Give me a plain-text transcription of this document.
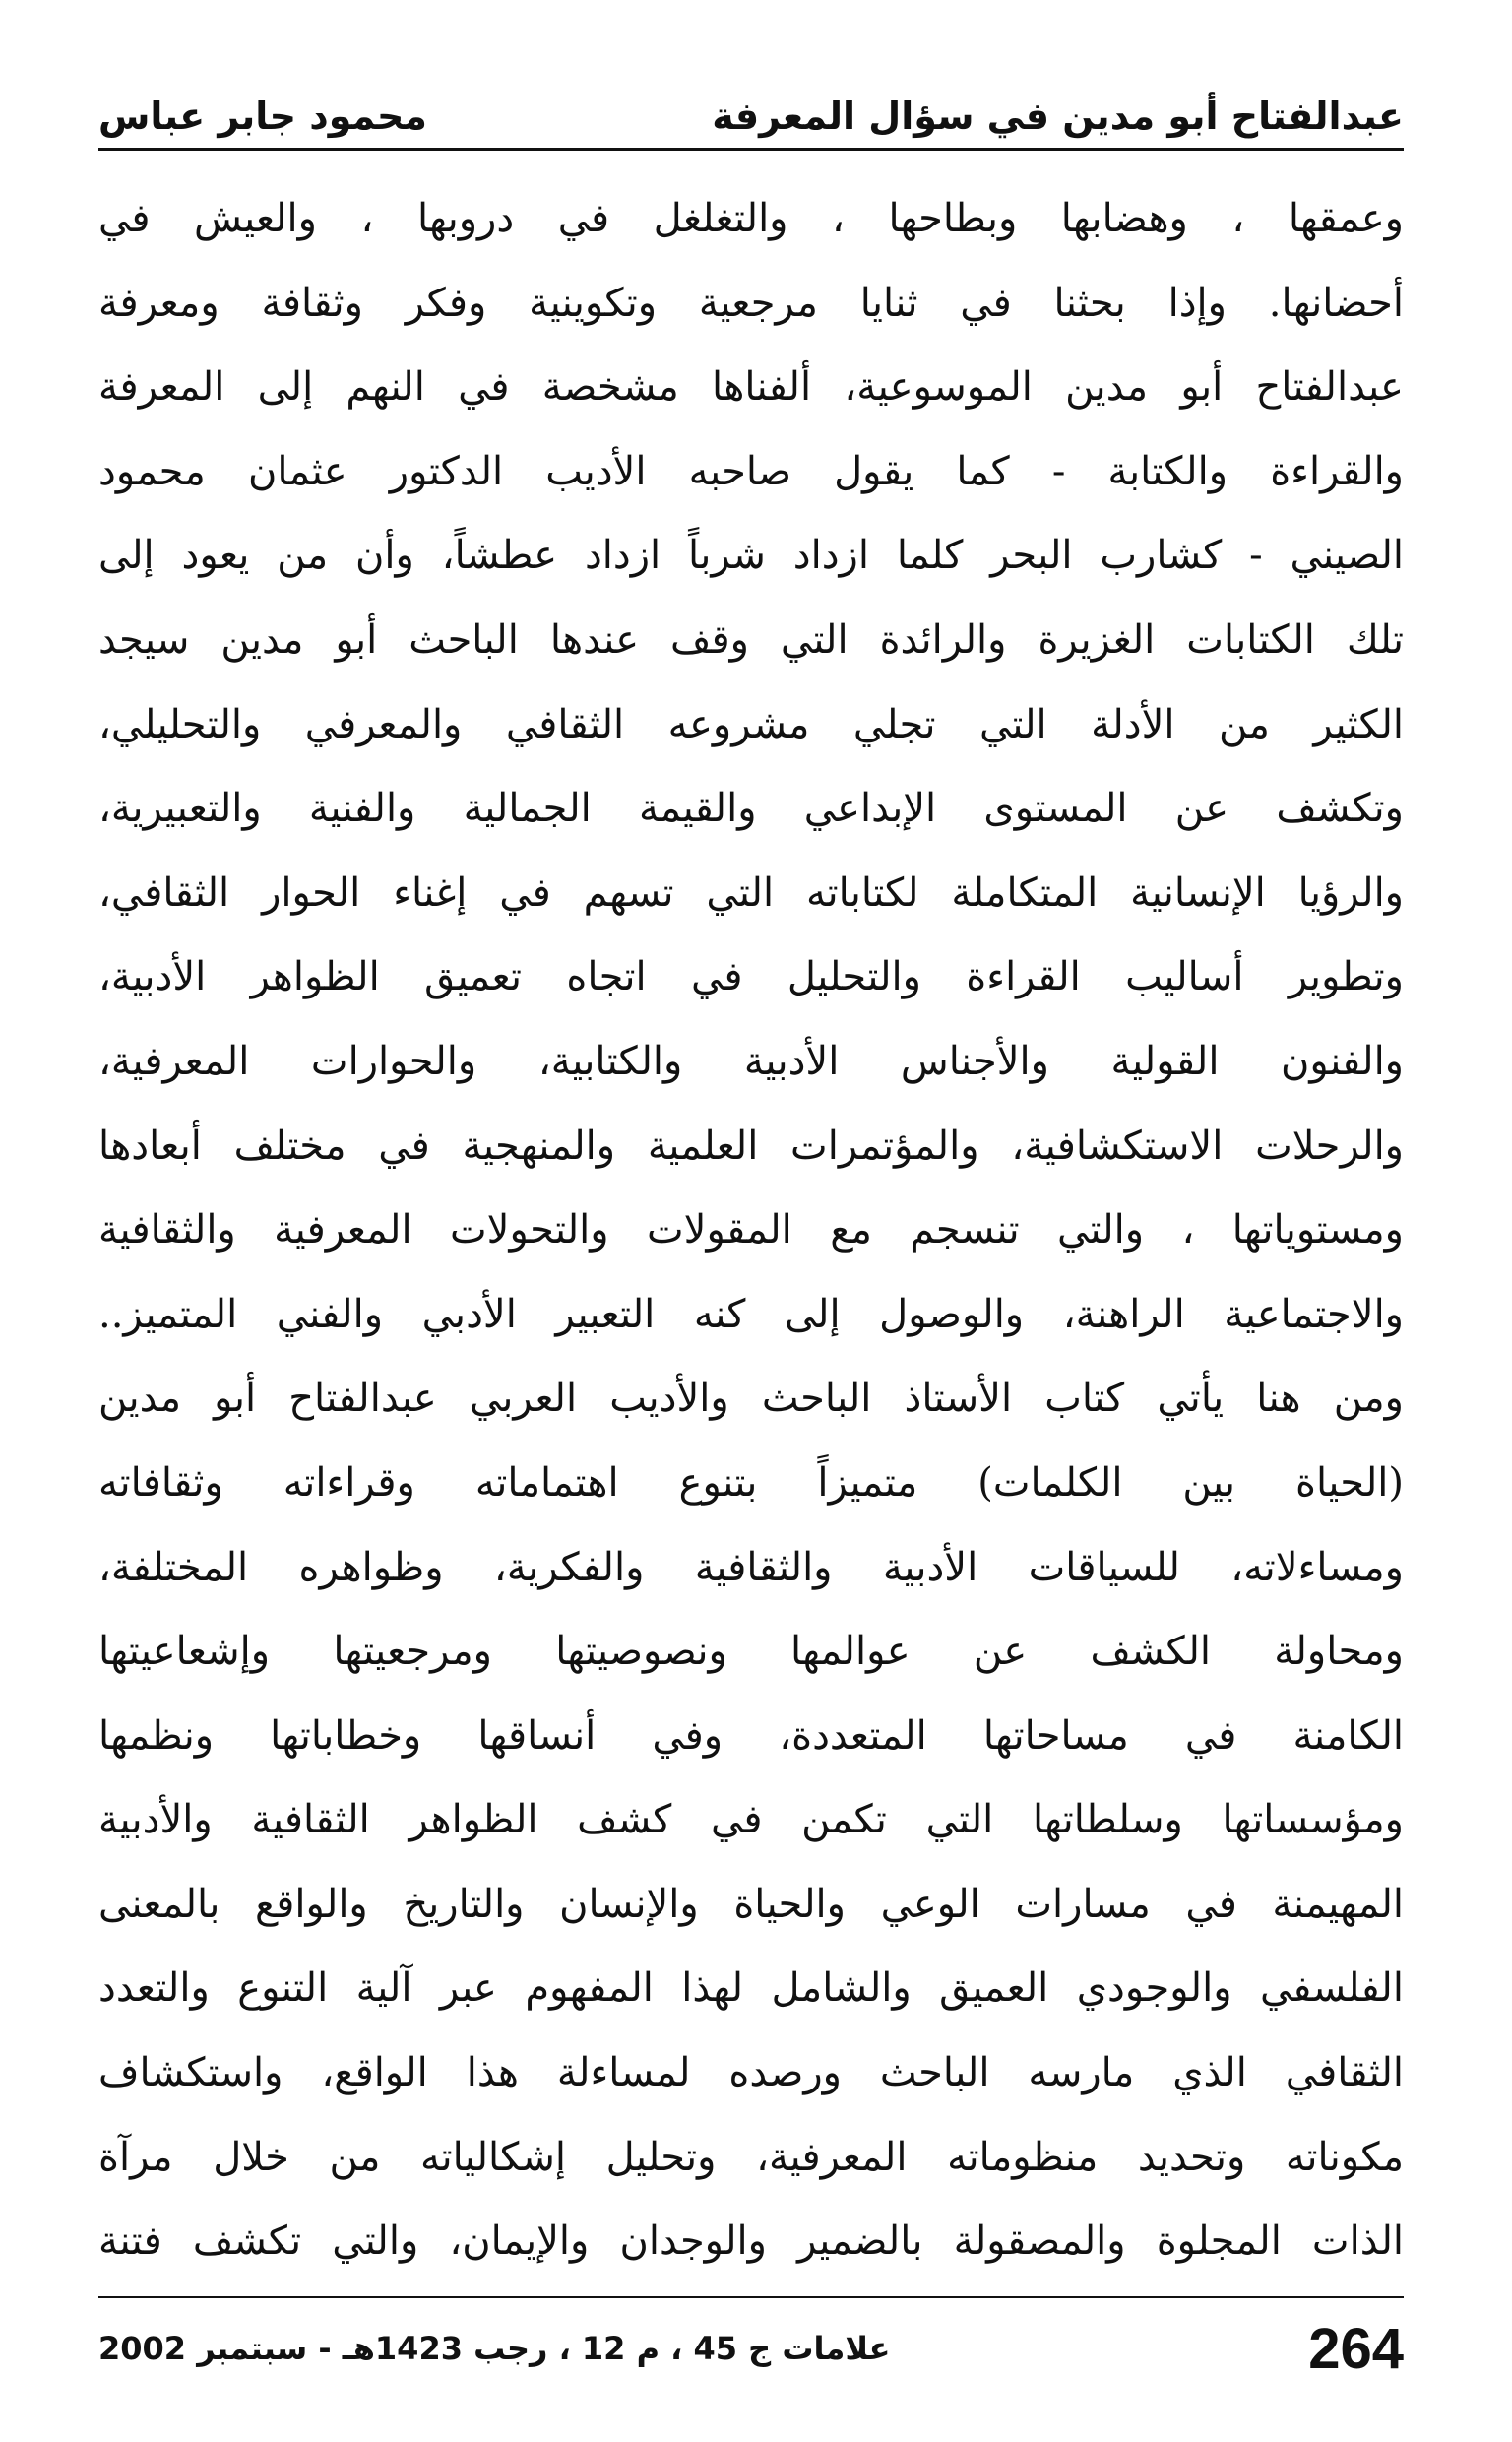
عبدالفتاح أبو مدين في سؤال المعرفة
محمود جابر عباس
وعمقها ، وهضابها وبطاحها ، والتغلغل في دروبها ، والعيش في
أحضانها. وإذا بحثنا في ثنايا مرجعية وتكوينية وفكر وثقافة ومعرفة
عبدالفتاح أبو مدين الموسوعية، ألفناها مشخصة في النهم إلى المعرفة
والقراءة والكتابة - كما يقول صاحبه الأديب الدكتور عثمان محمود
الصيني - كشارب البحر كلما ازداد شرباً ازداد عطشاً، وأن من يعود إلى
تلك الكتابات الغزيرة والرائدة التي وقف عندها الباحث أبو مدين سيجد
الكثير من الأدلة التي تجلي مشروعه الثقافي والمعرفي والتحليلي،
وتكشف عن المستوى الإبداعي والقيمة الجمالية والفنية والتعبيرية،
والرؤيا الإنسانية المتكاملة لكتاباته التي تسهم في إغناء الحوار الثقافي،
وتطوير أساليب القراءة والتحليل في اتجاه تعميق الظواهر الأدبية،
والفنون القولية والأجناس الأدبية والكتابية، والحوارات المعرفية،
والرحلات الاستكشافية، والمؤتمرات العلمية والمنهجية في مختلف أبعادها
ومستوياتها ، والتي تنسجم مع المقولات والتحولات المعرفية والثقافية
والاجتماعية الراهنة، والوصول إلى كنه التعبير الأدبي والفني المتميز..
ومن هنا يأتي كتاب الأستاذ الباحث والأديب العربي عبدالفتاح أبو مدين
(الحياة بين الكلمات) متميزاً بتنوع اهتماماته وقراءاته وثقافاته
ومساءلاته، للسياقات الأدبية والثقافية والفكرية، وظواهره المختلفة،
ومحاولة الكشف عن عوالمها ونصوصيتها ومرجعيتها وإشعاعيتها
الكامنة في مساحاتها المتعددة، وفي أنساقها وخطاباتها ونظمها
ومؤسساتها وسلطاتها التي تكمن في كشف الظواهر الثقافية والأدبية
المهيمنة في مسارات الوعي والحياة والإنسان والتاريخ والواقع بالمعنى
الفلسفي والوجودي العميق والشامل لهذا المفهوم عبر آلية التنوع والتعدد
الثقافي الذي مارسه الباحث ورصده لمساءلة هذا الواقع، واستكشاف
مكوناته وتحديد منظوماته المعرفية، وتحليل إشكالياته من خلال مرآة
الذات المجلوة والمصقولة بالضمير والوجدان والإيمان، والتي تكشف فتنة
264
علامات ج 45 ، م 12 ، رجب 1423هـ - سبتمبر 2002
